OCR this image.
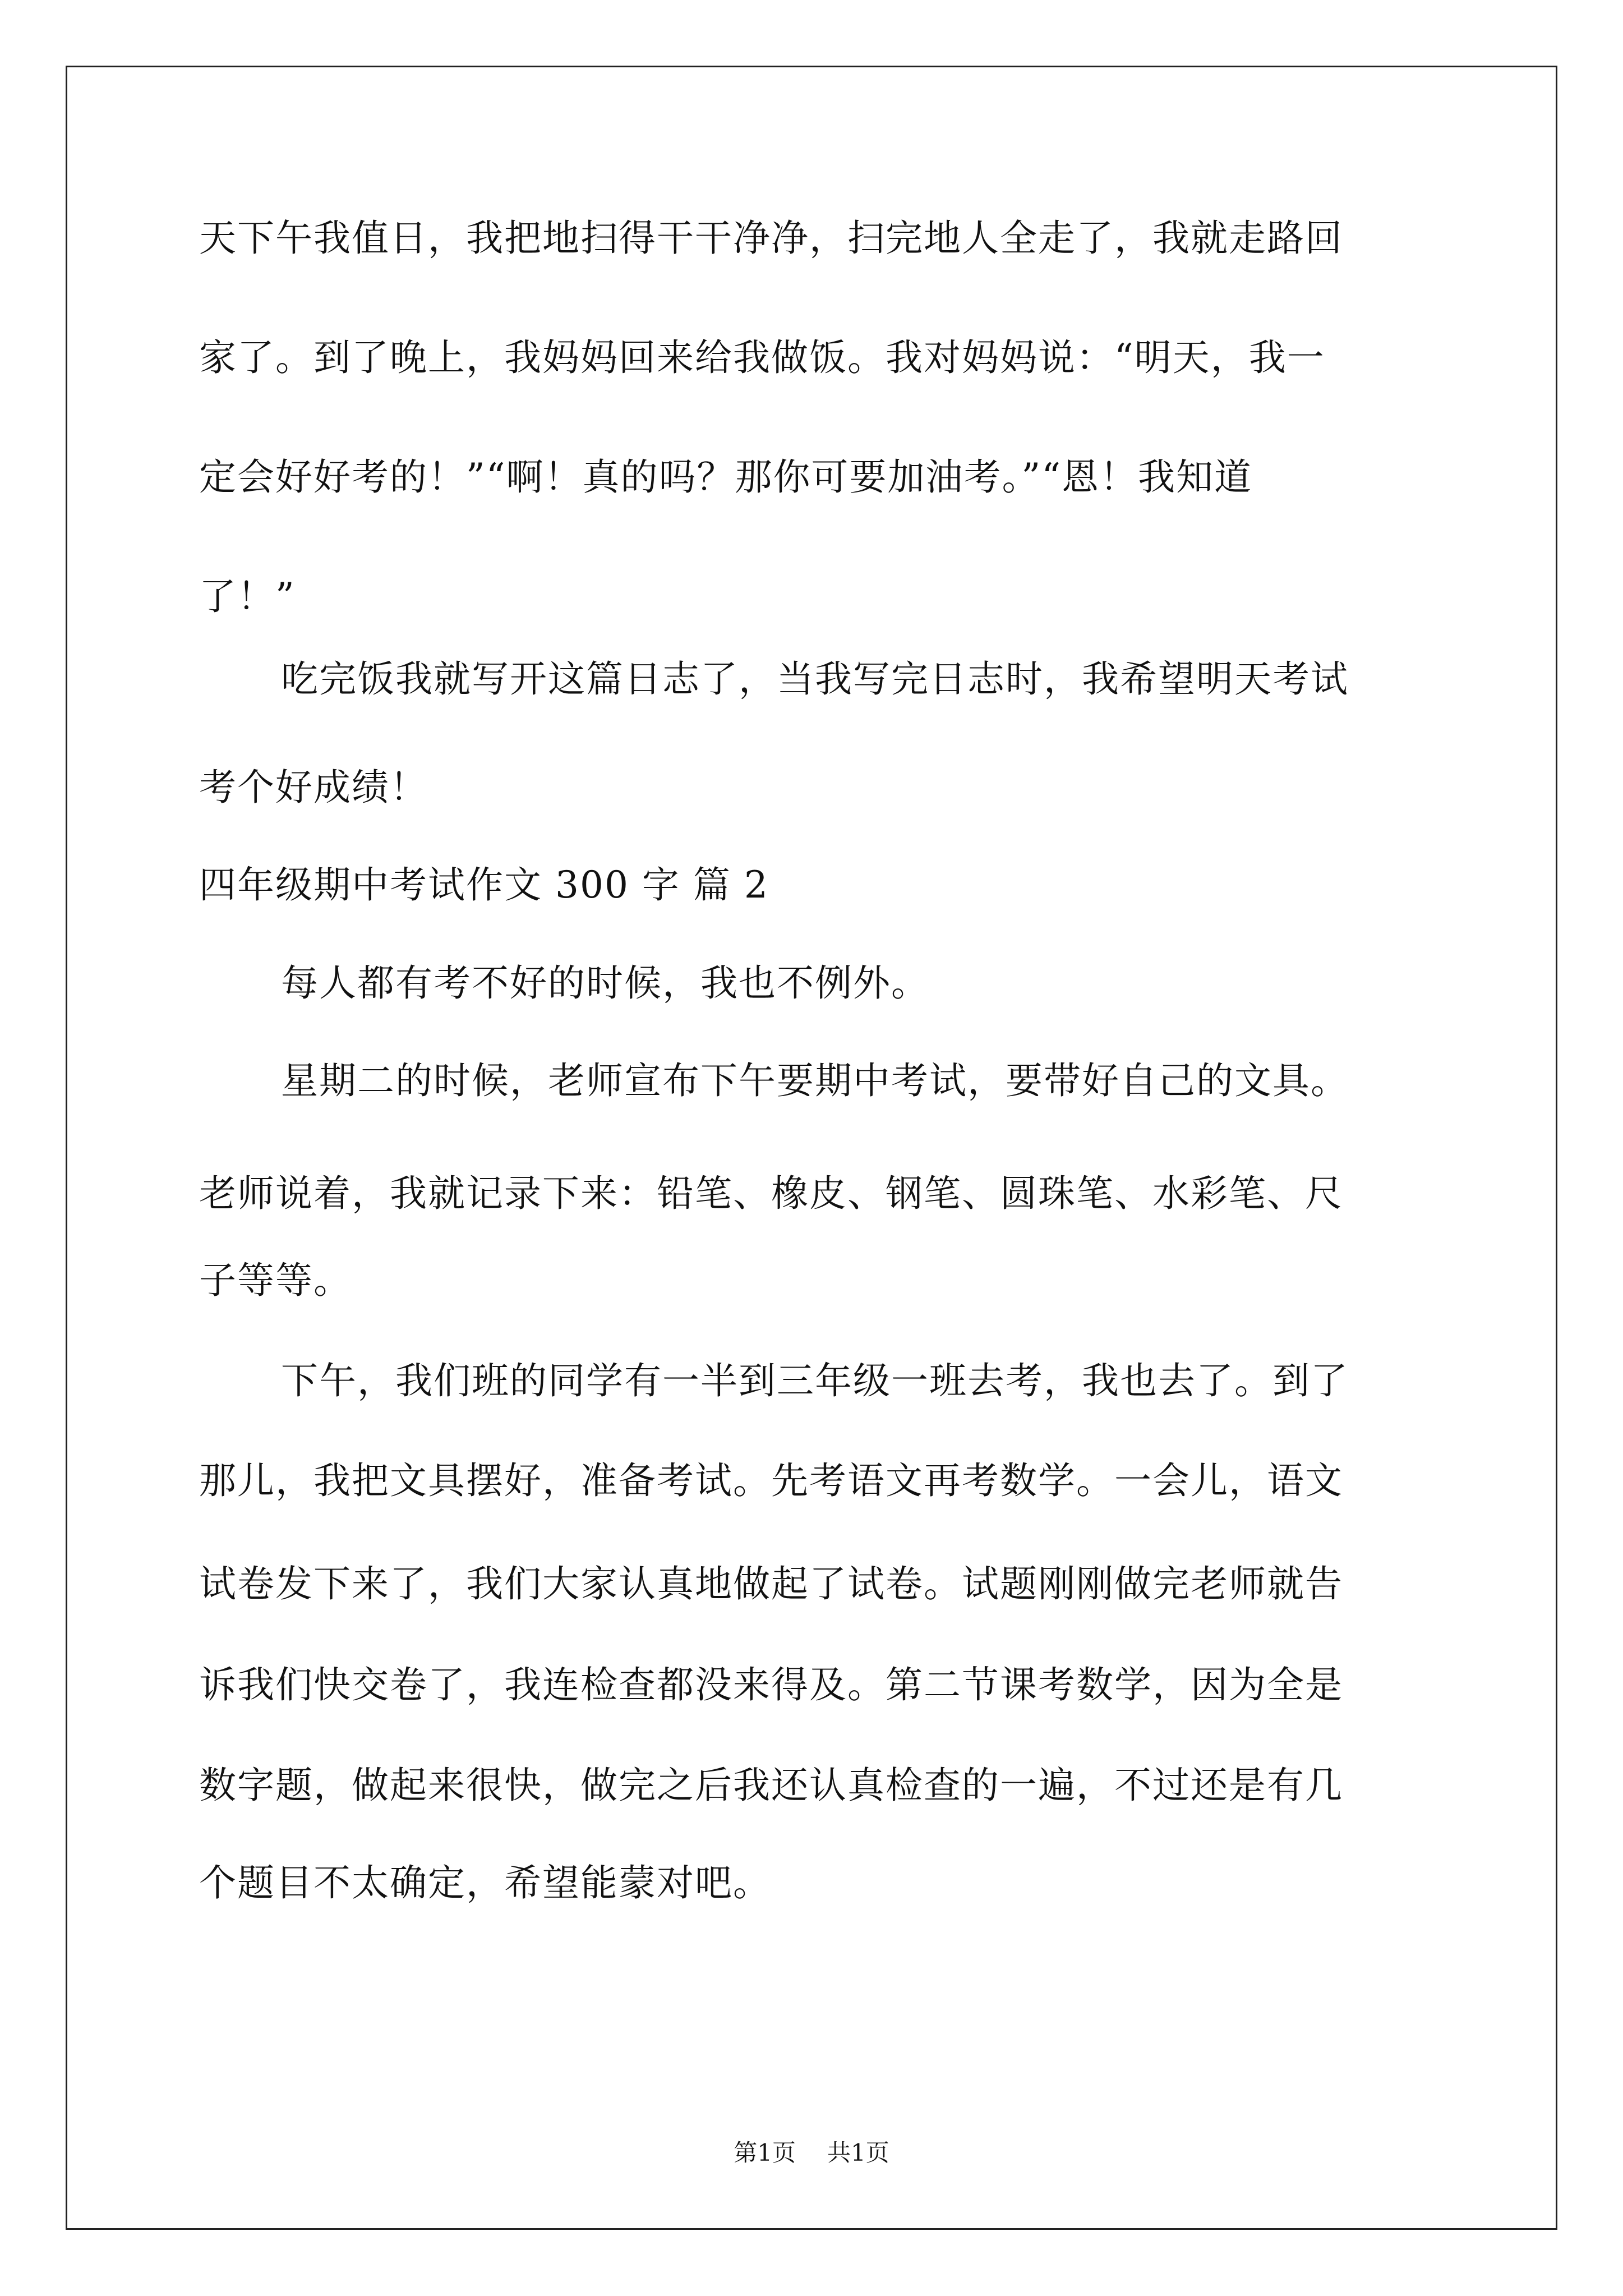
天下午我值日，我把地扫得干干净净，扫完地人全走了，我就走路回
家了。到了晚上，我妈妈回来给我做饭。我对妈妈说：“明天，我一
定会好好考的！”“啊！真的吗？那你可要加油考。”“恩！我知道
了！”
吃完饭我就写开这篇日志了，当我写完日志时，我希望明天考试
考个好成绩！
四年级期中考试作文 300 字 篇 2
每人都有考不好的时候，我也不例外。
星期二的时候，老师宣布下午要期中考试，要带好自己的文具。
老师说着，我就记录下来：铅笔、橡皮、钢笔、圆珠笔、水彩笔、尺
子等等。
下午，我们班的同学有一半到三年级一班去考，我也去了。到了
那儿，我把文具摆好，准备考试。先考语文再考数学。一会儿，语文
试卷发下来了，我们大家认真地做起了试卷。试题刚刚做完老师就告
诉我们快交卷了，我连检查都没来得及。第二节课考数学，因为全是
数字题，做起来很快，做完之后我还认真检查的一遍，不过还是有几
个题目不太确定，希望能蒙对吧。
第1页 共1页
